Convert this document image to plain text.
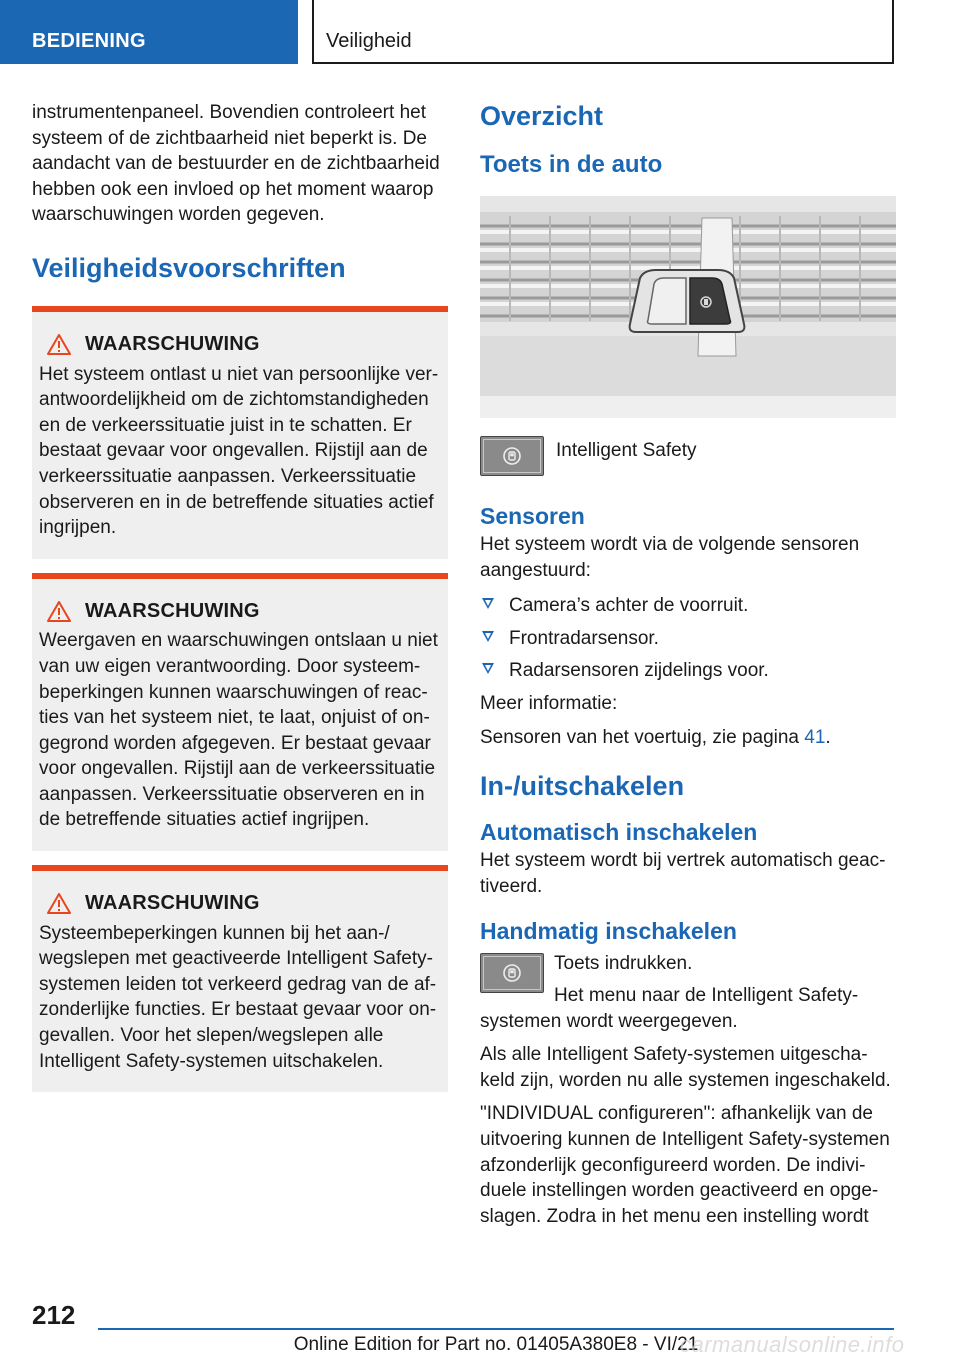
BEDIENING	Veiligheid

instrumentenpaneel. Bovendien controleert het systeem of de zichtbaarheid niet beperkt is. De aandacht van de bestuurder en de zichtbaarheid hebben ook een invloed op het moment waarop waarschuwingen worden gegeven.

Veiligheidsvoorschriften
WAARSCHUWING

Het systeem ontlast u niet van persoonlijke verantwoordelijkheid om de zichtomstandigheden en de verkeerssituatie juist in te schatten. Er bestaat gevaar voor ongevallen. Rijstijl aan de verkeerssituatie aanpassen. Verkeerssituatie observeren en in de betreffende situaties actief ingrijpen.

WAARSCHUWING

Weergaven en waarschuwingen ontslaan u niet van uw eigen verantwoording. Door systeembeperkingen kunnen waarschuwingen of reacties van het systeem niet, te laat, onjuist of ongegrond worden afgegeven. Er bestaat gevaar voor ongevallen. Rijstijl aan de verkeerssituatie aanpassen. Verkeerssituatie observeren en in de betreffende situaties actief ingrijpen.

WAARSCHUWING

Systeembeperkingen kunnen bij het aan-/ wegslepen met geactiveerde Intelligent Safety-systemen leiden tot verkeerd gedrag van de afzonderlijke functies. Er bestaat gevaar voor ongevallen. Voor het slepen/wegslepen alle Intelligent Safety-systemen uitschakelen.

Overzicht
Toets in de auto
Intelligent Safety
Sensoren

Het systeem wordt via de volgende sensoren aangestuurd:

Camera’s achter de voorruit.
Frontradarsensor.
Radarsensoren zijdelings voor.

Meer informatie:

Sensoren van het voertuig, zie pagina 41.

In-/uitschakelen
Automatisch inschakelen

Het systeem wordt bij vertrek automatisch geactiveerd.

Handmatig inschakelen

Toets indrukken.

Het menu naar de Intelligent Safety-systemen wordt weergegeven.

Als alle Intelligent Safety-systemen uitgeschakeld zijn, worden nu alle systemen ingeschakeld.

"INDIVIDUAL configureren": afhankelijk van de uitvoering kunnen de Intelligent Safety-systemen afzonderlijk geconfigureerd worden. De individuele instellingen worden geactiveerd en opgeslagen. Zodra in het menu een instelling wordt

212
Online Edition for Part no. 01405A380E8 - VI/21
carmanualsonline.info
